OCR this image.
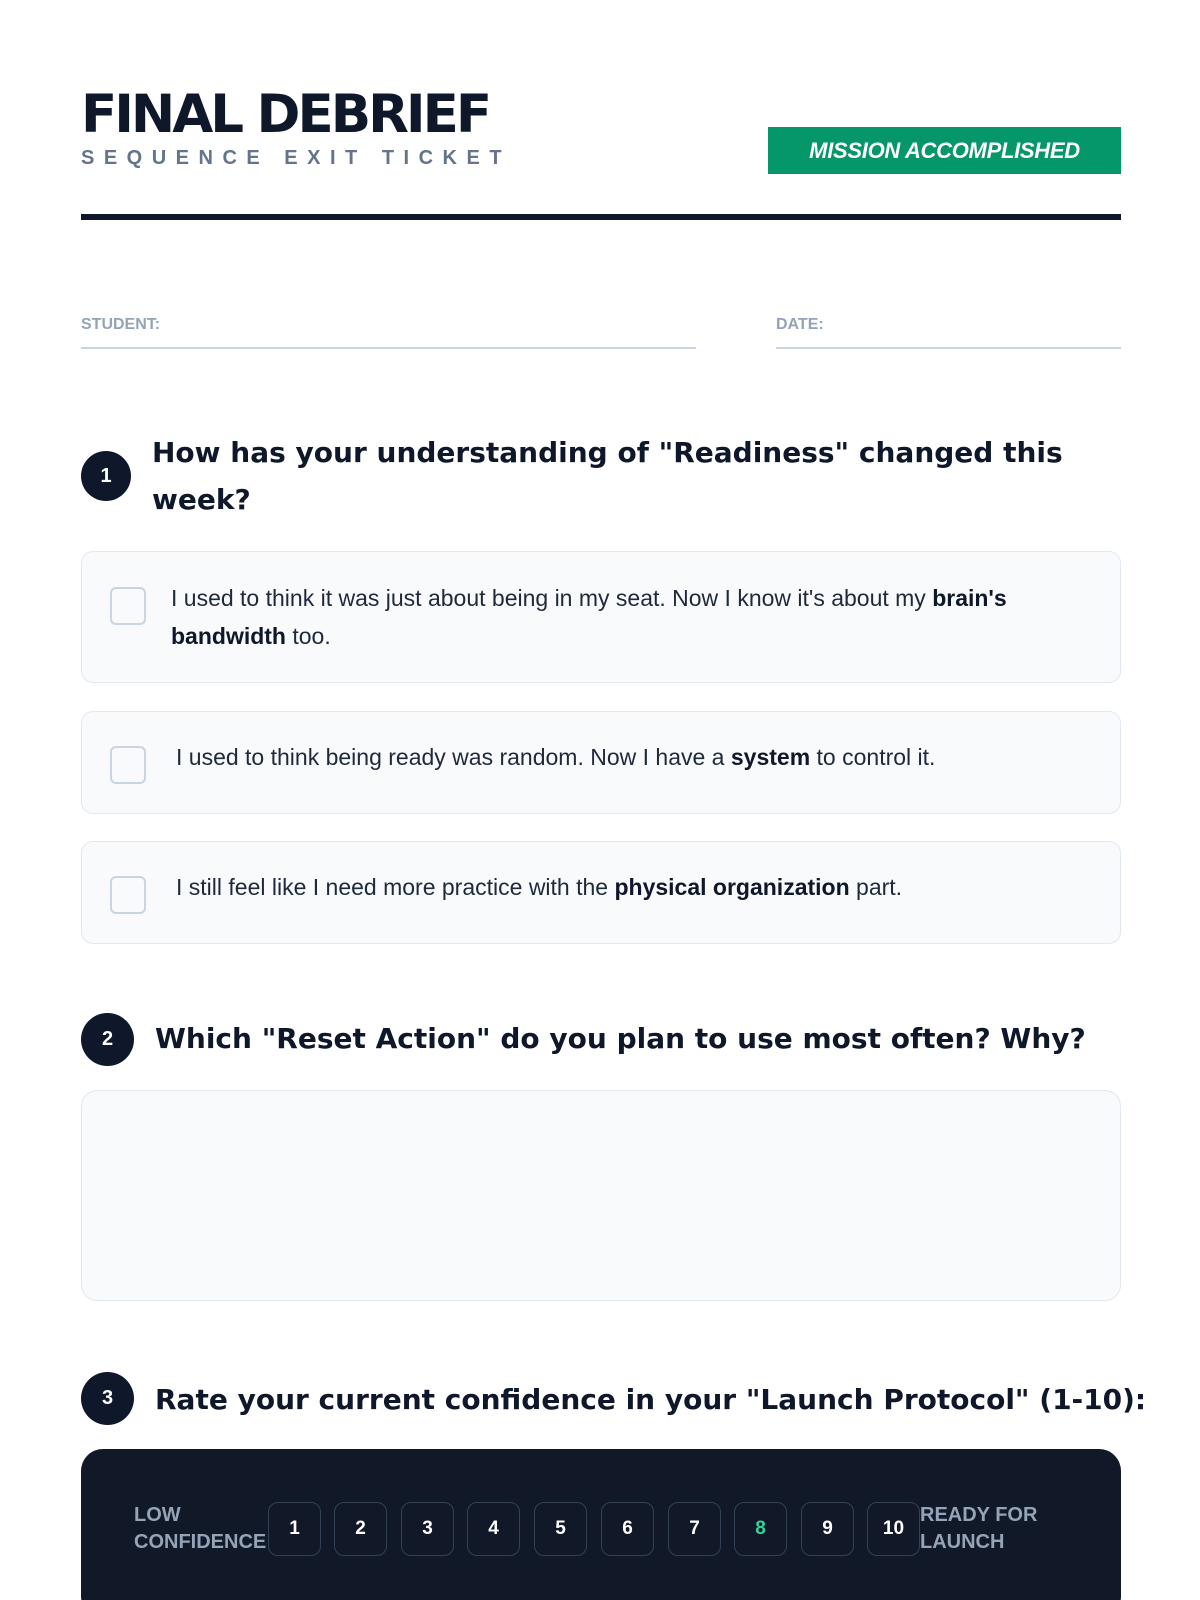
FINAL DEBRIEF
SEQUENCE EXIT TICKET	MISSION ACCOMPLISHED
STUDENT:	DATE:
1
How has your understanding of "Readiness" changed this week?
I used to think it was just about being in my seat. Now I know it's about my brain's bandwidth too.
I used to think being ready was random. Now I have a system to control it.
I still feel like I need more practice with the physical organization part.
2	Which "Reset Action" do you plan to use most often? Why?
3	Rate your current confidence in your "Launch Protocol" (1-10):
LOW CONFIDENCE
1	2	3	4	5	6	7	8	9	10
READY FOR LAUNCH
